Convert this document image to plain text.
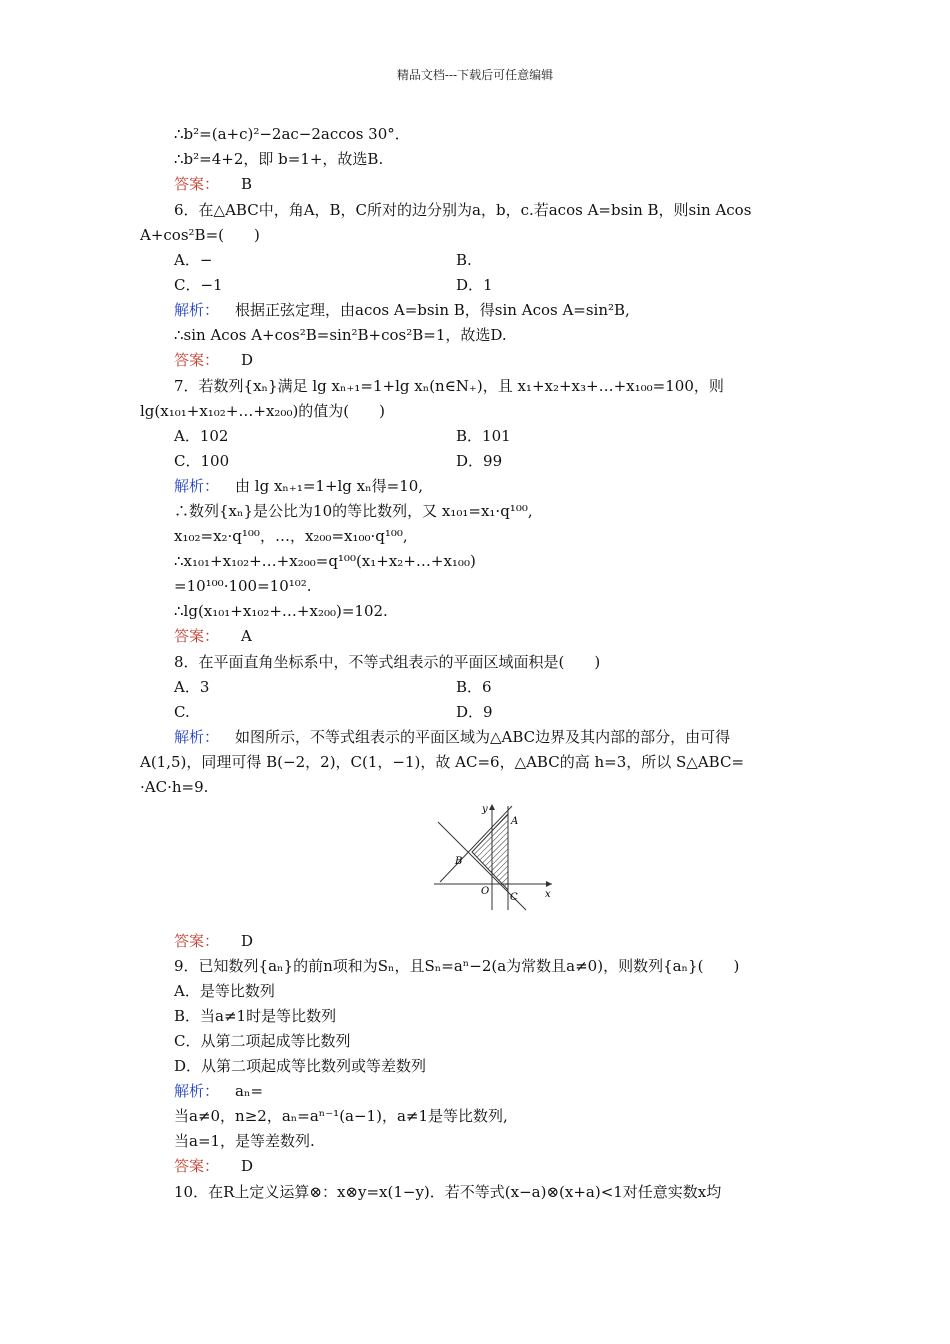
精品文档---下载后可任意编辑
∴b²=(a+c)²−2ac−2accos 30°．
∴b²=4+2，即 b=1+，故选B.
答案： B
6．在△ABC中，角A，B，C所对的边分别为a，b，c.若acos A=bsin B，则sin Acos
A+cos²B=(　　)
A．−	B.
C．−1	D．1
解析： 根据正弦定理，由acos A=bsin B，得sin Acos A=sin²B,
∴sin Acos A+cos²B=sin²B+cos²B=1，故选D.
答案： D
7．若数列{xₙ}满足 lg xₙ₊₁=1+lg xₙ(n∈N₊)，且 x₁+x₂+x₃+…+x₁₀₀=100，则
lg(x₁₀₁+x₁₀₂+…+x₂₀₀)的值为(　　)
A．102	B．101
C．100	D．99
解析： 由 lg xₙ₊₁=1+lg xₙ得=10,
∴数列{xₙ}是公比为10的等比数列，又 x₁₀₁=x₁·q¹⁰⁰,
x₁₀₂=x₂·q¹⁰⁰，…，x₂₀₀=x₁₀₀·q¹⁰⁰,
∴x₁₀₁+x₁₀₂+…+x₂₀₀=q¹⁰⁰(x₁+x₂+…+x₁₀₀)
=10¹⁰⁰·100=10¹⁰².
∴lg(x₁₀₁+x₁₀₂+…+x₂₀₀)=102.
答案： A
8．在平面直角坐标系中，不等式组表示的平面区域面积是(　　)
A．3	B．6
C.	D．9
解析： 如图所示，不等式组表示的平面区域为△ABC边界及其内部的部分，由可得
A(1,5)，同理可得 B(−2，2)，C(1，−1)，故 AC=6，△ABC的高 h=3，所以 S△ABC=
·AC·h=9.
y
x
A
B
C
O
答案： D
9．已知数列{aₙ}的前n项和为Sₙ，且Sₙ=aⁿ−2(a为常数且a≠0)，则数列{aₙ}(　　)
A．是等比数列
B．当a≠1时是等比数列
C．从第二项起成等比数列
D．从第二项起成等比数列或等差数列
解析： aₙ=
当a≠0，n≥2，aₙ=aⁿ⁻¹(a−1)，a≠1是等比数列,
当a=1，是等差数列.
答案： D
10．在R上定义运算⊗：x⊗y=x(1−y)．若不等式(x−a)⊗(x+a)<1对任意实数x均
